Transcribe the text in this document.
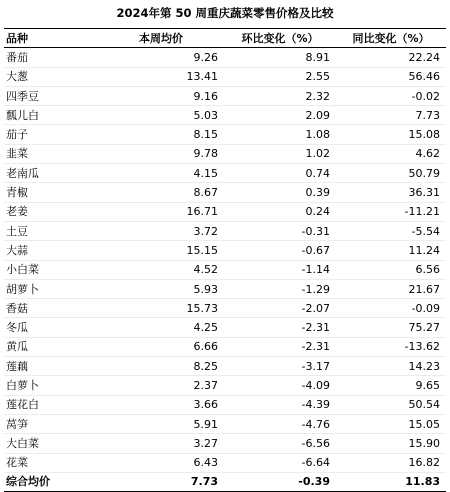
2024年第 50 周重庆蔬菜零售价格及比较
品种	本周均价	环比变化（%）	同比变化（%）
番茄	9.26	8.91	22.24
大葱	13.41	2.55	56.46
四季豆	9.16	2.32	-0.02
瓢儿白	5.03	2.09	7.73
茄子	8.15	1.08	15.08
韭菜	9.78	1.02	4.62
老南瓜	4.15	0.74	50.79
青椒	8.67	0.39	36.31
老姜	16.71	0.24	-11.21
土豆	3.72	-0.31	-5.54
大蒜	15.15	-0.67	11.24
小白菜	4.52	-1.14	6.56
胡萝卜	5.93	-1.29	21.67
香菇	15.73	-2.07	-0.09
冬瓜	4.25	-2.31	75.27
黄瓜	6.66	-2.31	-13.62
莲藕	8.25	-3.17	14.23
白萝卜	2.37	-4.09	9.65
莲花白	3.66	-4.39	50.54
莴笋	5.91	-4.76	15.05
大白菜	3.27	-6.56	15.90
花菜	6.43	-6.64	16.82
综合均价	7.73	-0.39	11.83
